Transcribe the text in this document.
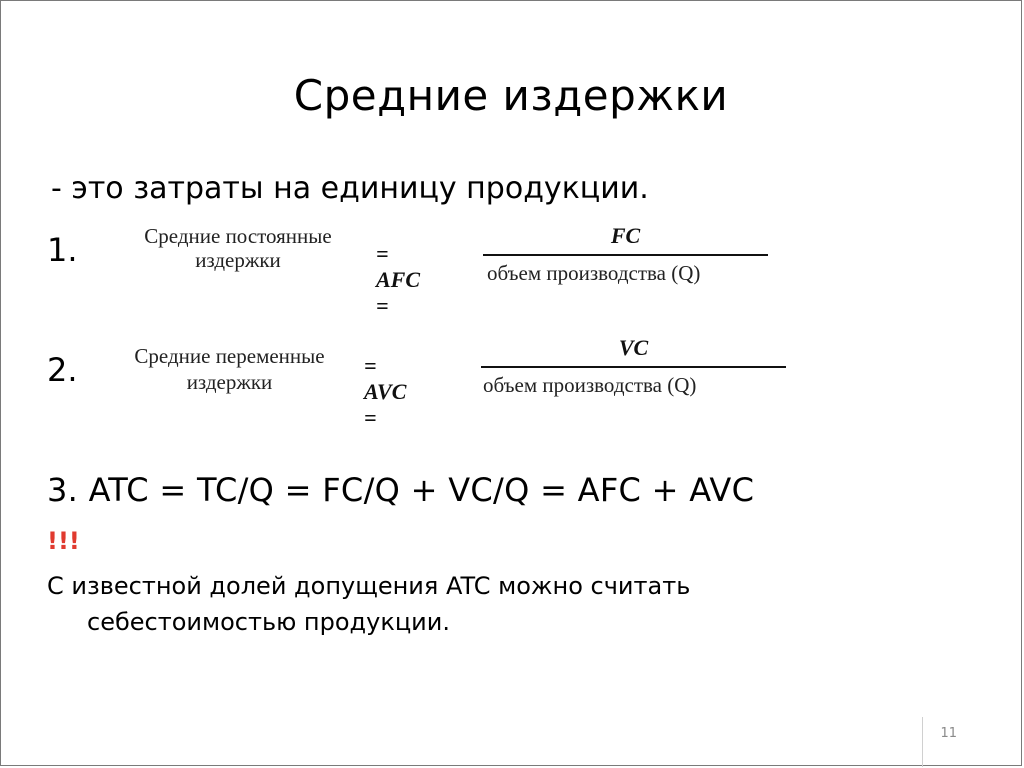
Средние издержки
- это затраты на единицу продукции.
1.	Средние постоянные
издержки	= AFC =
FC
объем производства (Q)
2.	Средние переменные
издержки
= AVC =
VC
объем производства (Q)
3. ATC = TC/Q = FC/Q + VC/Q = AFC + AVC
!!!
С известной долей допущения ATC можно считать
себестоимостью продукции.
11
